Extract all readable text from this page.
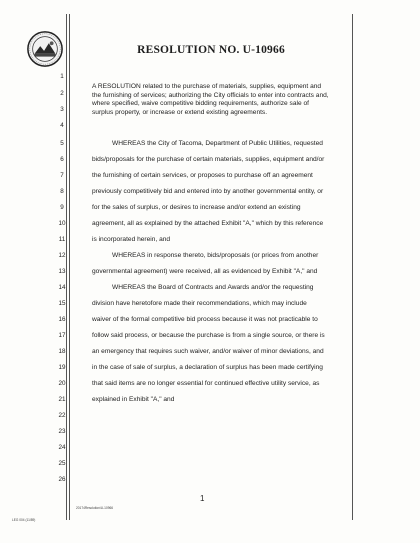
RESOLUTION NO. U-10966
1
2
3
4
5
6
7
8
9
10
11
12
13
14
15
16
17
18
19
20
21
22
23
24
25
26
A RESOLUTION related to the purchase of materials, supplies, equipment and the furnishing of services; authorizing the City officials to enter into contracts and, where specified, waive competitive bidding requirements, authorize sale of surplus property, or increase or extend existing agreements.
WHEREAS the City of Tacoma, Department of Public Utilities, requested
bids/proposals for the purchase of certain materials, supplies, equipment and/or
the furnishing of certain services, or proposes to purchase off an agreement
previously competitively bid and entered into by another governmental entity, or
for the sales of surplus, or desires to increase and/or extend an existing
agreement, all as explained by the attached Exhibit "A," which by this reference
is incorporated herein, and
WHEREAS in response thereto, bids/proposals (or prices from another
governmental agreement) were received, all as evidenced by Exhibit "A," and
WHEREAS the Board of Contracts and Awards and/or the requesting
division have heretofore made their recommendations, which may include
waiver of the formal competitive bid process because it was not practicable to
follow said process, or because the purchase is from a single source, or there is
an emergency that requires such waiver, and/or waiver of minor deviations, and
in the case of sale of surplus, a declaration of surplus has been made certifying
that said items are no longer essential for continued effective utility service, as
explained in Exhibit "A," and
1
20174Resolution\U-10966
LEG 004 (11/89)
